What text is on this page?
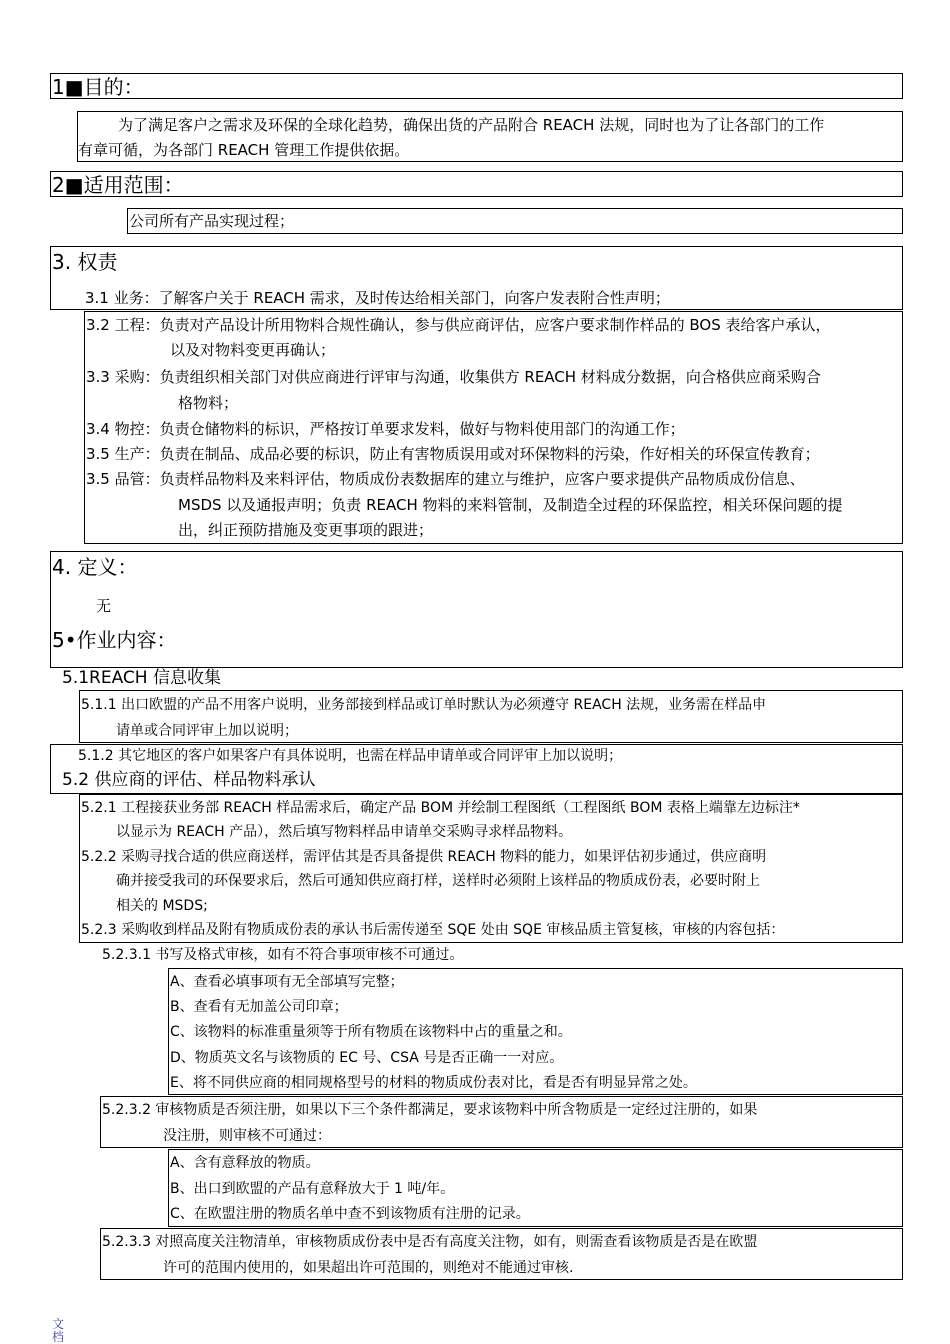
1■目的：
为了满足客户之需求及环保的全球化趋势，确保出货的产品附合 REACH 法规，同时也为了让各部门的工作
有章可循，为各部门 REACH 管理工作提供依据。
2■适用范围：
公司所有产品实现过程；
3. 权责
3.1 业务：了解客户关于 REACH 需求，及时传达给相关部门，向客户发表附合性声明；
3.2 工程：负责对产品设计所用物料合规性确认，参与供应商评估，应客户要求制作样品的 BOS 表给客户承认，
以及对物料变更再确认；
3.3 采购：负责组织相关部门对供应商进行评审与沟通，收集供方 REACH 材料成分数据，向合格供应商采购合
格物料；
3.4 物控：负责仓储物料的标识，严格按订单要求发料，做好与物料使用部门的沟通工作；
3.5 生产：负责在制品、成品必要的标识，防止有害物质误用或对环保物料的污染，作好相关的环保宣传教育；
3.5 品管：负责样品物料及来料评估，物质成份表数据库的建立与维护，应客户要求提供产品物质成份信息、
MSDS 以及通报声明；负责 REACH 物料的来料管制，及制造全过程的环保监控，相关环保问题的提
出，纠正预防措施及变更事项的跟进；
4. 定义：
无
5•作业内容：
5.1REACH 信息收集
5.1.1 出口欧盟的产品不用客户说明，业务部接到样品或订单时默认为必须遵守 REACH 法规，业务需在样品申
请单或合同评审上加以说明；
5.1.2 其它地区的客户如果客户有具体说明，也需在样品申请单或合同评审上加以说明；
5.2 供应商的评估、样品物料承认
5.2.1 工程接获业务部 REACH 样品需求后，确定产品 BOM 并绘制工程图纸（工程图纸 BOM 表格上端靠左边标注*
以显示为 REACH 产品），然后填写物料样品申请单交采购寻求样品物料。
5.2.2 采购寻找合适的供应商送样，需评估其是否具备提供 REACH 物料的能力，如果评估初步通过，供应商明
确并接受我司的环保要求后，然后可通知供应商打样，送样时必须附上该样品的物质成份表，必要时附上
相关的 MSDS;
5.2.3 采购收到样品及附有物质成份表的承认书后需传递至 SQE 处由 SQE 审核品质主管复核，审核的内容包括：
5.2.3.1 书写及格式审核，如有不符合事项审核不可通过。
A、查看必填事项有无全部填写完整；
B、查看有无加盖公司印章；
C、该物料的标准重量须等于所有物质在该物料中占的重量之和。
D、物质英文名与该物质的 EC 号、CSA 号是否正确一一对应。
E、将不同供应商的相同规格型号的材料的物质成份表对比，看是否有明显异常之处。
5.2.3.2 审核物质是否须注册，如果以下三个条件都满足，要求该物料中所含物质是一定经过注册的，如果
没注册，则审核不可通过：
A、含有意释放的物质。
B、出口到欧盟的产品有意释放大于 1 吨/年。
C、在欧盟注册的物质名单中查不到该物质有注册的记录。
5.2.3.3 对照高度关注物清单，审核物质成份表中是否有高度关注物，如有，则需查看该物质是否是在欧盟
许可的范围内使用的，如果超出许可范围的，则绝对不能通过审核.
文档
